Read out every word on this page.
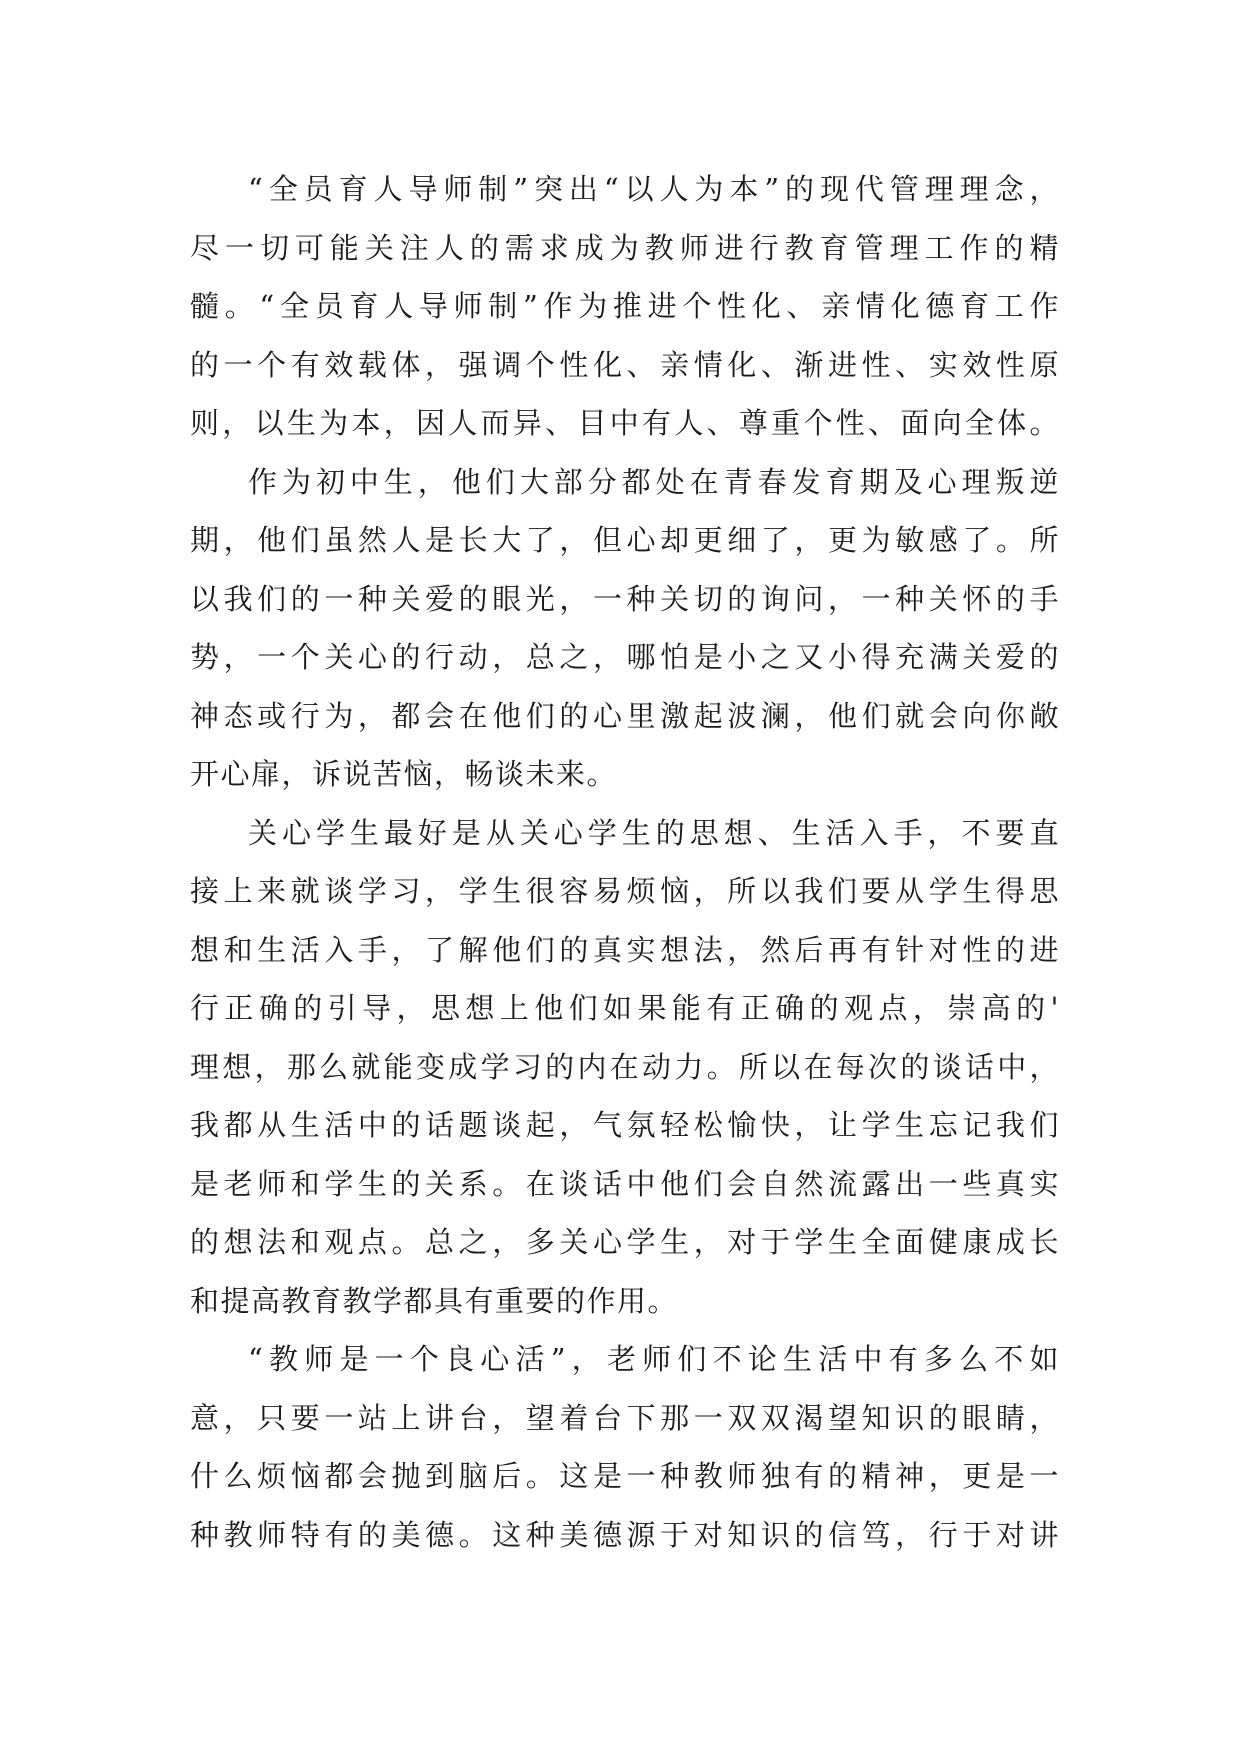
“全员育人导师制”突出“以人为本”的现代管理理念，
尽一切可能关注人的需求成为教师进行教育管理工作的精
髓。“全员育人导师制”作为推进个性化、亲情化德育工作
的一个有效载体，强调个性化、亲情化、渐进性、实效性原
则，以生为本，因人而异、目中有人、尊重个性、面向全体。
作为初中生，他们大部分都处在青春发育期及心理叛逆
期，他们虽然人是长大了，但心却更细了，更为敏感了。所
以我们的一种关爱的眼光，一种关切的询问，一种关怀的手
势，一个关心的行动，总之，哪怕是小之又小得充满关爱的
神态或行为，都会在他们的心里激起波澜，他们就会向你敞
开心扉，诉说苦恼，畅谈未来。
关心学生最好是从关心学生的思想、生活入手，不要直
接上来就谈学习，学生很容易烦恼，所以我们要从学生得思
想和生活入手，了解他们的真实想法，然后再有针对性的进
行正确的引导，思想上他们如果能有正确的观点，崇高的'
理想，那么就能变成学习的内在动力。所以在每次的谈话中，
我都从生活中的话题谈起，气氛轻松愉快，让学生忘记我们
是老师和学生的关系。在谈话中他们会自然流露出一些真实
的想法和观点。总之，多关心学生，对于学生全面健康成长
和提高教育教学都具有重要的作用。
“教师是一个良心活”，老师们不论生活中有多么不如
意，只要一站上讲台，望着台下那一双双渴望知识的眼睛，
什么烦恼都会抛到脑后。这是一种教师独有的精神，更是一
种教师特有的美德。这种美德源于对知识的信笃，行于对讲
